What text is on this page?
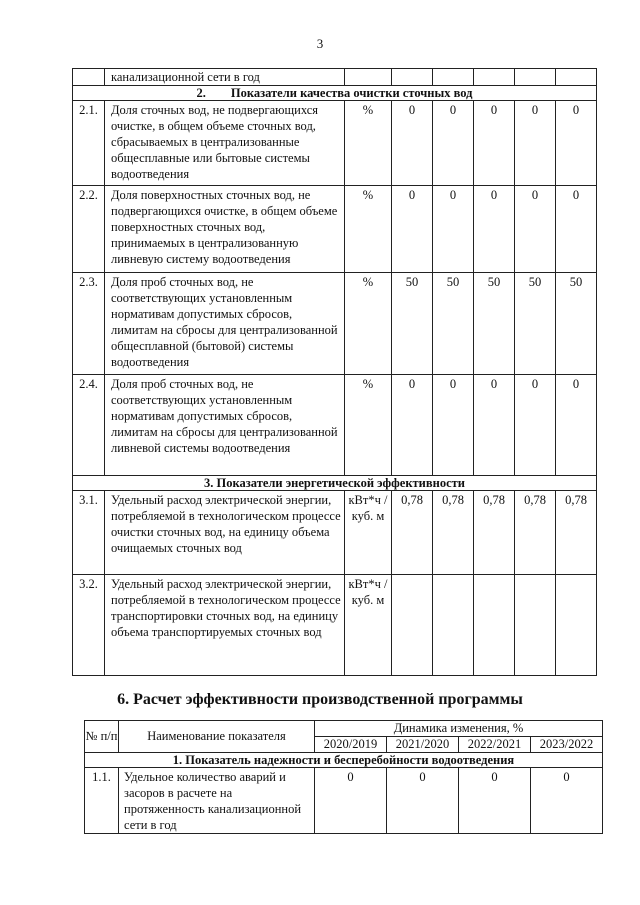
3
	канализационной сети в год						
2.        Показатели качества очистки сточных вод							
2.1.	Доля сточных вод, не подвергающихся очистке, в общем объеме сточных вод, сбрасываемых в централизованные общесплавные или бытовые системы водоотведения	%	0	0	0	0	0
2.2.	Доля поверхностных сточных вод, не подвергающихся очистке, в общем объеме поверхностных сточных вод, принимаемых в централизованную ливневую систему водоотведения	%	0	0	0	0	0
2.3.	Доля проб сточных вод, не соответствующих установленным нормативам допустимых сбросов, лимитам на сбросы для централизованной общесплавной (бытовой) системы водоотведения	%	50	50	50	50	50
2.4.	Доля проб сточных вод, не соответствующих установленным нормативам допустимых сбросов, лимитам на сбросы для централизованной ливневой системы водоотведения	%	0	0	0	0	0
3. Показатели энергетической эффективности							
3.1.	Удельный расход электрической энергии, потребляемой в технологическом процессе очистки сточных вод, на единицу объема очищаемых сточных вод	кВт*ч /куб. м	0,78	0,78	0,78	0,78	0,78
3.2.	Удельный расход электрической энергии, потребляемой в технологическом процессе транспортировки сточных вод, на единицу объема транспортируемых сточных вод	кВт*ч /куб. м					
6. Расчет эффективности производственной программы
№ п/п	Наименование показателя	Динамика изменения, %			
		2020/2019	2021/2020	2022/2021	2023/2022
1. Показатель надежности и бесперебойности водоотведения					
1.1.	Удельное количество аварий и засоров в расчете на протяженность канализационной сети в год	0	0	0	0
